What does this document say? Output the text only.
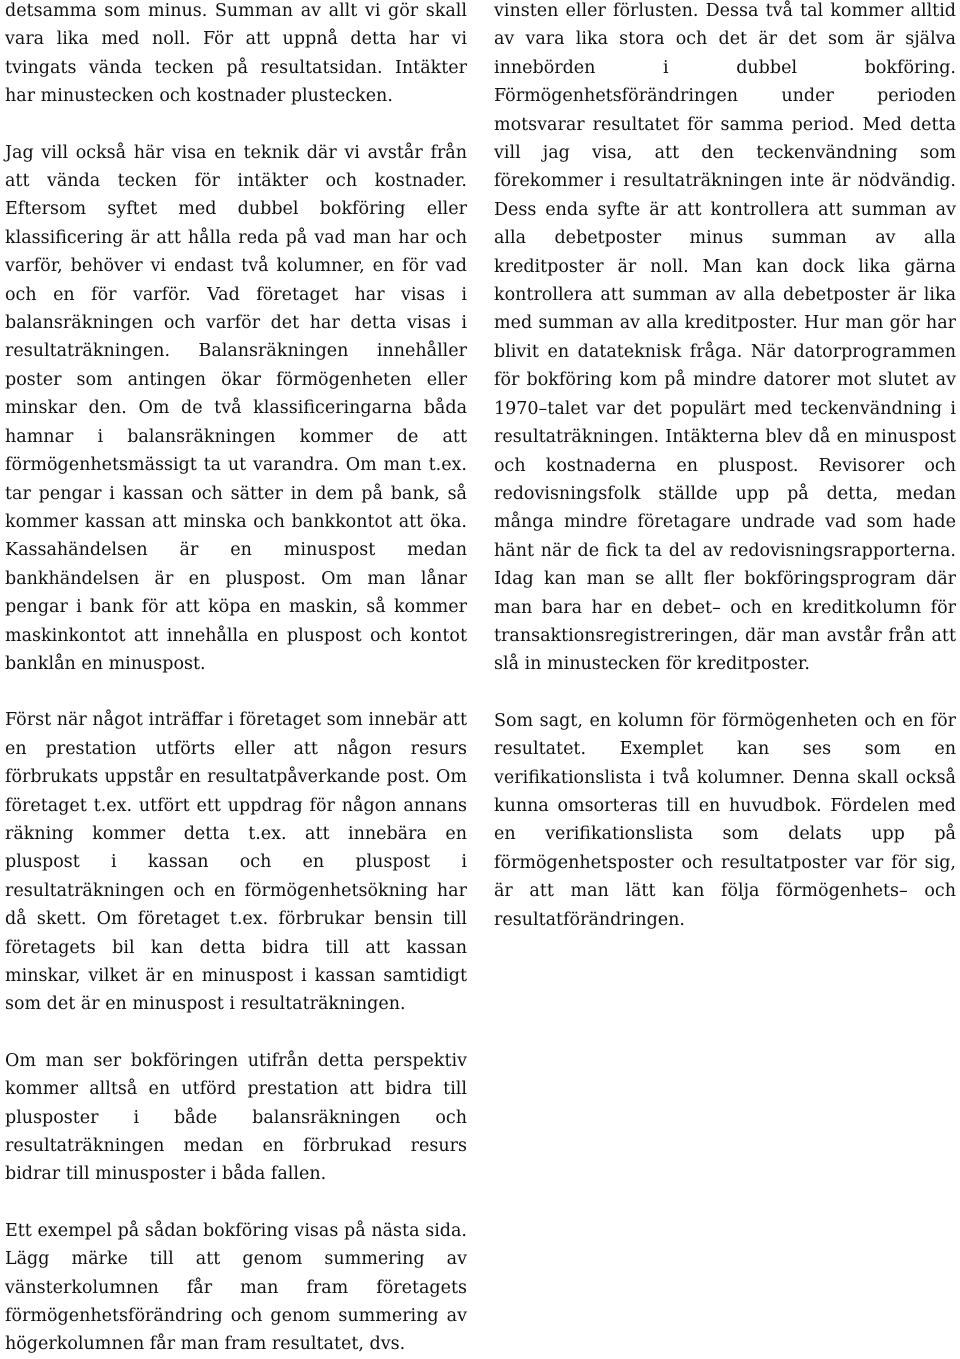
detsamma som minus. Summan av allt vi gör skall vara lika med noll. För att uppnå detta har vi tvingats vända tecken på resultatsidan. Intäkter har minustecken och kostnader plustecken.

Jag vill också här visa en teknik där vi avstår från att vända tecken för intäkter och kostnader. Eftersom syftet med dubbel bokföring eller klassificering är att hålla reda på vad man har och varför, behöver vi endast två kolumner, en för vad och en för varför. Vad företaget har visas i balansräkningen och varför det har detta visas i resultaträkningen. Balansräkningen innehåller poster som antingen ökar förmögenheten eller minskar den. Om de två klassificeringarna båda hamnar i balansräkningen kommer de att förmögenhetsmässigt ta ut varandra. Om man t.ex. tar pengar i kassan och sätter in dem på bank, så kommer kassan att minska och bankkontot att öka. Kassahändelsen är en minuspost medan bankhändelsen är en pluspost. Om man lånar pengar i bank för att köpa en maskin, så kommer maskinkontot att innehålla en pluspost och kontot banklån en minuspost.

Först när något inträffar i företaget som innebär att en prestation utförts eller att någon resurs förbrukats uppstår en resultatpåverkande post. Om företaget t.ex. utfört ett uppdrag för någon annans räkning kommer detta t.ex. att innebära en pluspost i kassan och en pluspost i resultaträkningen och en förmögenhetsökning har då skett. Om företaget t.ex. förbrukar bensin till företagets bil kan detta bidra till att kassan minskar, vilket är en minuspost i kassan samtidigt som det är en minuspost i resultaträkningen.

Om man ser bokföringen utifrån detta perspektiv kommer alltså en utförd prestation att bidra till plusposter i både balansräkningen och resultaträkningen medan en förbrukad resurs bidrar till minusposter i båda fallen.

Ett exempel på sådan bokföring visas på nästa sida. Lägg märke till att genom summering av vänsterkolumnen får man fram företagets förmögenhetsförändring och genom summering av högerkolumnen får man fram resultatet, dvs.

vinsten eller förlusten. Dessa två tal kommer alltid av vara lika stora och det är det som är själva innebörden i dubbel bokföring. Förmögenhetsförändringen under perioden motsvarar resultatet för samma period. Med detta vill jag visa, att den teckenvändning som förekommer i resultaträkningen inte är nödvändig. Dess enda syfte är att kontrollera att summan av alla debetposter minus summan av alla kreditposter är noll. Man kan dock lika gärna kontrollera att summan av alla debetposter är lika med summan av alla kreditposter. Hur man gör har blivit en datateknisk fråga. När datorprogrammen för bokföring kom på mindre datorer mot slutet av 1970–talet var det populärt med teckenvändning i resultaträkningen. Intäkterna blev då en minuspost och kostnaderna en pluspost. Revisorer och redovisningsfolk ställde upp på detta, medan många mindre företagare undrade vad som hade hänt när de fick ta del av redovisningsrapporterna. Idag kan man se allt fler bokföringsprogram där man bara har en debet– och en kreditkolumn för transaktionsregistreringen, där man avstår från att slå in minustecken för kreditposter.

Som sagt, en kolumn för förmögenheten och en för resultatet. Exemplet kan ses som en verifikationslista i två kolumner. Denna skall också kunna omsorteras till en huvudbok. Fördelen med en verifikationslista som delats upp på förmögenhetsposter och resultatposter var för sig, är att man lätt kan följa förmögenhets– och resultatförändringen.
